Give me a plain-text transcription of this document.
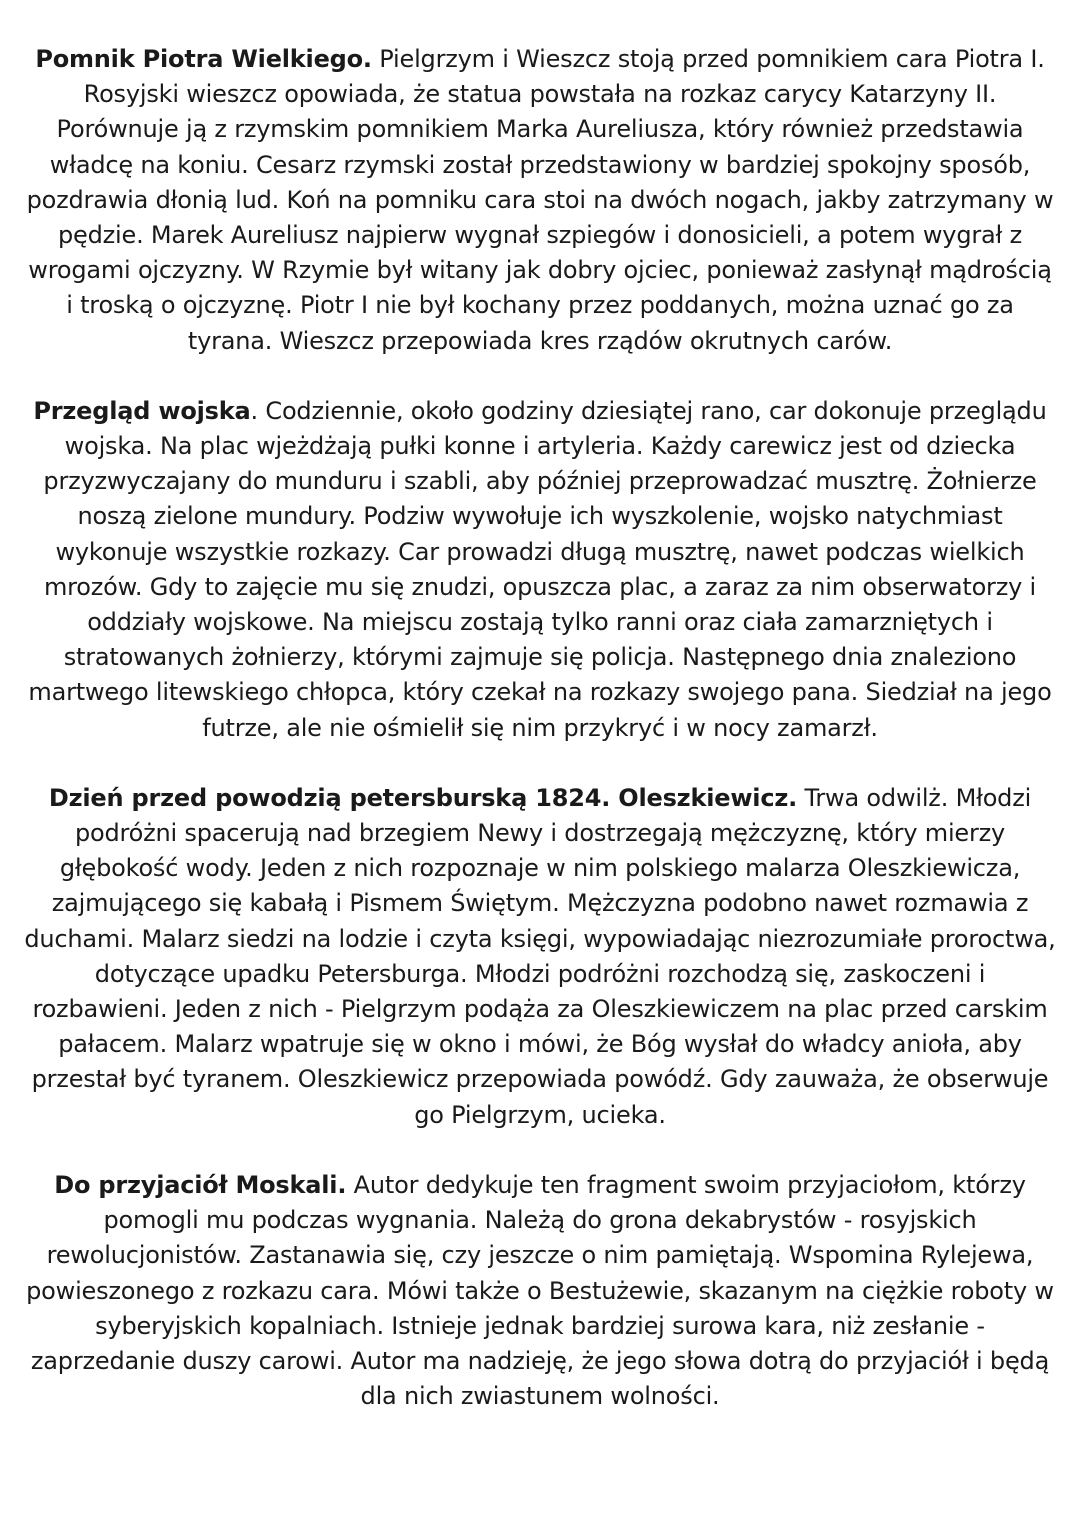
Pomnik Piotra Wielkiego. Pielgrzym i Wieszcz stoją przed pomnikiem cara Piotra I. Rosyjski wieszcz opowiada, że statua powstała na rozkaz carycy Katarzyny II. Porównuje ją z rzymskim pomnikiem Marka Aureliusza, który również przedstawia władcę na koniu. Cesarz rzymski został przedstawiony w bardziej spokojny sposób, pozdrawia dłonią lud. Koń na pomniku cara stoi na dwóch nogach, jakby zatrzymany w pędzie. Marek Aureliusz najpierw wygnał szpiegów i donosicieli, a potem wygrał z wrogami ojczyzny. W Rzymie był witany jak dobry ojciec, ponieważ zasłynął mądrością i troską o ojczyznę. Piotr I nie był kochany przez poddanych, można uznać go za tyrana. Wieszcz przepowiada kres rządów okrutnych carów.

Przegląd wojska. Codziennie, około godziny dziesiątej rano, car dokonuje przeglądu wojska. Na plac wjeżdżają pułki konne i artyleria. Każdy carewicz jest od dziecka przyzwyczajany do munduru i szabli, aby później przeprowadzać musztrę. Żołnierze noszą zielone mundury. Podziw wywołuje ich wyszkolenie, wojsko natychmiast wykonuje wszystkie rozkazy. Car prowadzi długą musztrę, nawet podczas wielkich mrozów. Gdy to zajęcie mu się znudzi, opuszcza plac, a zaraz za nim obserwatorzy i oddziały wojskowe. Na miejscu zostają tylko ranni oraz ciała zamarzniętych i stratowanych żołnierzy, którymi zajmuje się policja. Następnego dnia znaleziono martwego litewskiego chłopca, który czekał na rozkazy swojego pana. Siedział na jego futrze, ale nie ośmielił się nim przykryć i w nocy zamarzł.

Dzień przed powodzią petersburską 1824. Oleszkiewicz. Trwa odwilż. Młodzi podróżni spacerują nad brzegiem Newy i dostrzegają mężczyznę, który mierzy głębokość wody. Jeden z nich rozpoznaje w nim polskiego malarza Oleszkiewicza, zajmującego się kabałą i Pismem Świętym. Mężczyzna podobno nawet rozmawia z duchami. Malarz siedzi na lodzie i czyta księgi, wypowiadając niezrozumiałe proroctwa, dotyczące upadku Petersburga. Młodzi podróżni rozchodzą się, zaskoczeni i rozbawieni. Jeden z nich - Pielgrzym podąża za Oleszkiewiczem na plac przed carskim pałacem. Malarz wpatruje się w okno i mówi, że Bóg wysłał do władcy anioła, aby przestał być tyranem. Oleszkiewicz przepowiada powódź. Gdy zauważa, że obserwuje go Pielgrzym, ucieka.

Do przyjaciół Moskali. Autor dedykuje ten fragment swoim przyjaciołom, którzy pomogli mu podczas wygnania. Należą do grona dekabrystów - rosyjskich rewolucjonistów. Zastanawia się, czy jeszcze o nim pamiętają. Wspomina Rylejewa, powieszonego z rozkazu cara. Mówi także o Bestużewie, skazanym na ciężkie roboty w syberyjskich kopalniach. Istnieje jednak bardziej surowa kara, niż zesłanie - zaprzedanie duszy carowi. Autor ma nadzieję, że jego słowa dotrą do przyjaciół i będą dla nich zwiastunem wolności.
